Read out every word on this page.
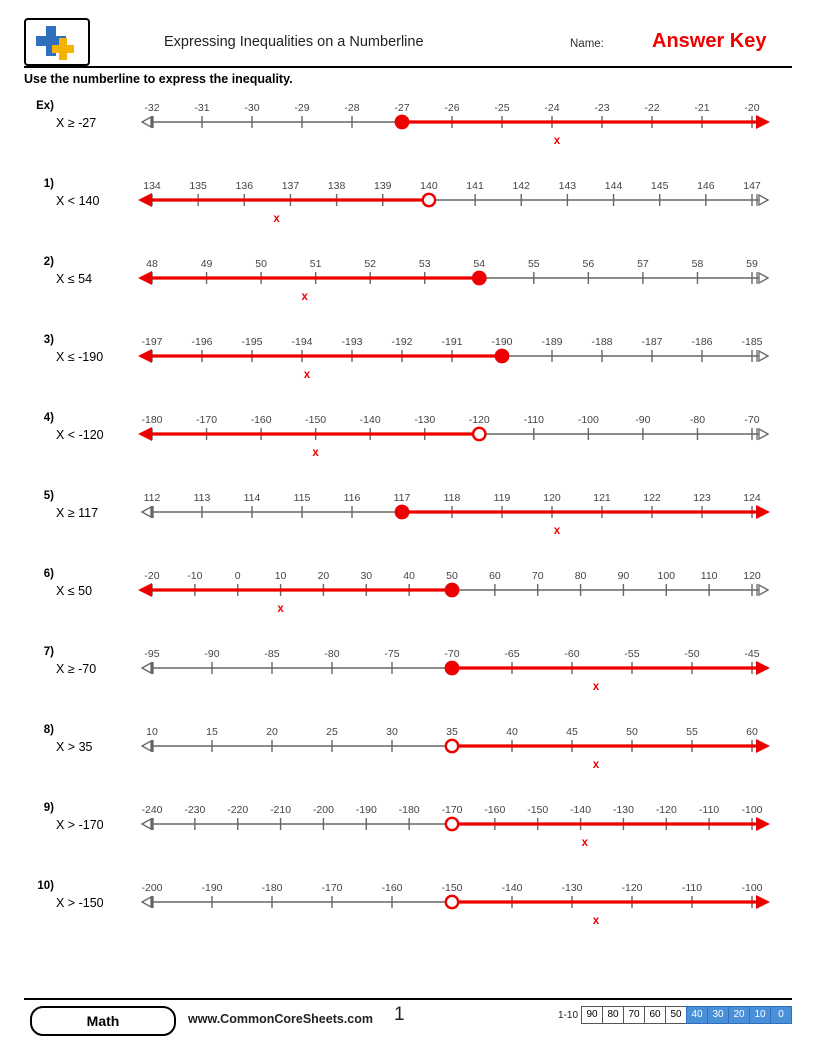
Expressing Inequalities on a Numberline	Name: Answer Key
Use the numberline to express the inequality.
Ex)
X ≥ -27
-32	-31	-30	-29	-28	-27	-26	-25	-24	-23	-22	-21	-20
x
1)
X < 140
134	135	136	137	138	139	140	141	142	143	144	145	146	147
x
2)
X ≤ 54
48	49	50	51	52	53	54	55	56	57	58	59
x
3)
X ≤ -190
-197	-196	-195	-194	-193	-192	-191	-190	-189	-188	-187	-186	-185
x
4)
X < -120
-180	-170	-160	-150	-140	-130	-120	-110	-100	-90	-80	-70
x
5)
X ≥ 117
112	113	114	115	116	117	118	119	120	121	122	123	124
x
6)
X ≤ 50
-20	-10	0	10	20	30	40	50	60	70	80	90	100 110 120
x
7)
X ≥ -70
-95	-90	-85	-80	-75	-70	-65	-60	-55	-50	-45
x
8)
X > 35
10	15	20	25	30	35	40	45	50	55	60
x
9)
X > -170
-240 -230 -220 -210 -200 -190 -180 -170 -160 -150 -140 -130 -120 -110 -100
x
10)
X > -150
-200	-190	-180	-170	-160	-150	-140	-130	-120	-110	-100
x
Math	www.CommonCoreSheets.com 1	1-10 90 80 70 60 50 40 30 20 10	0
